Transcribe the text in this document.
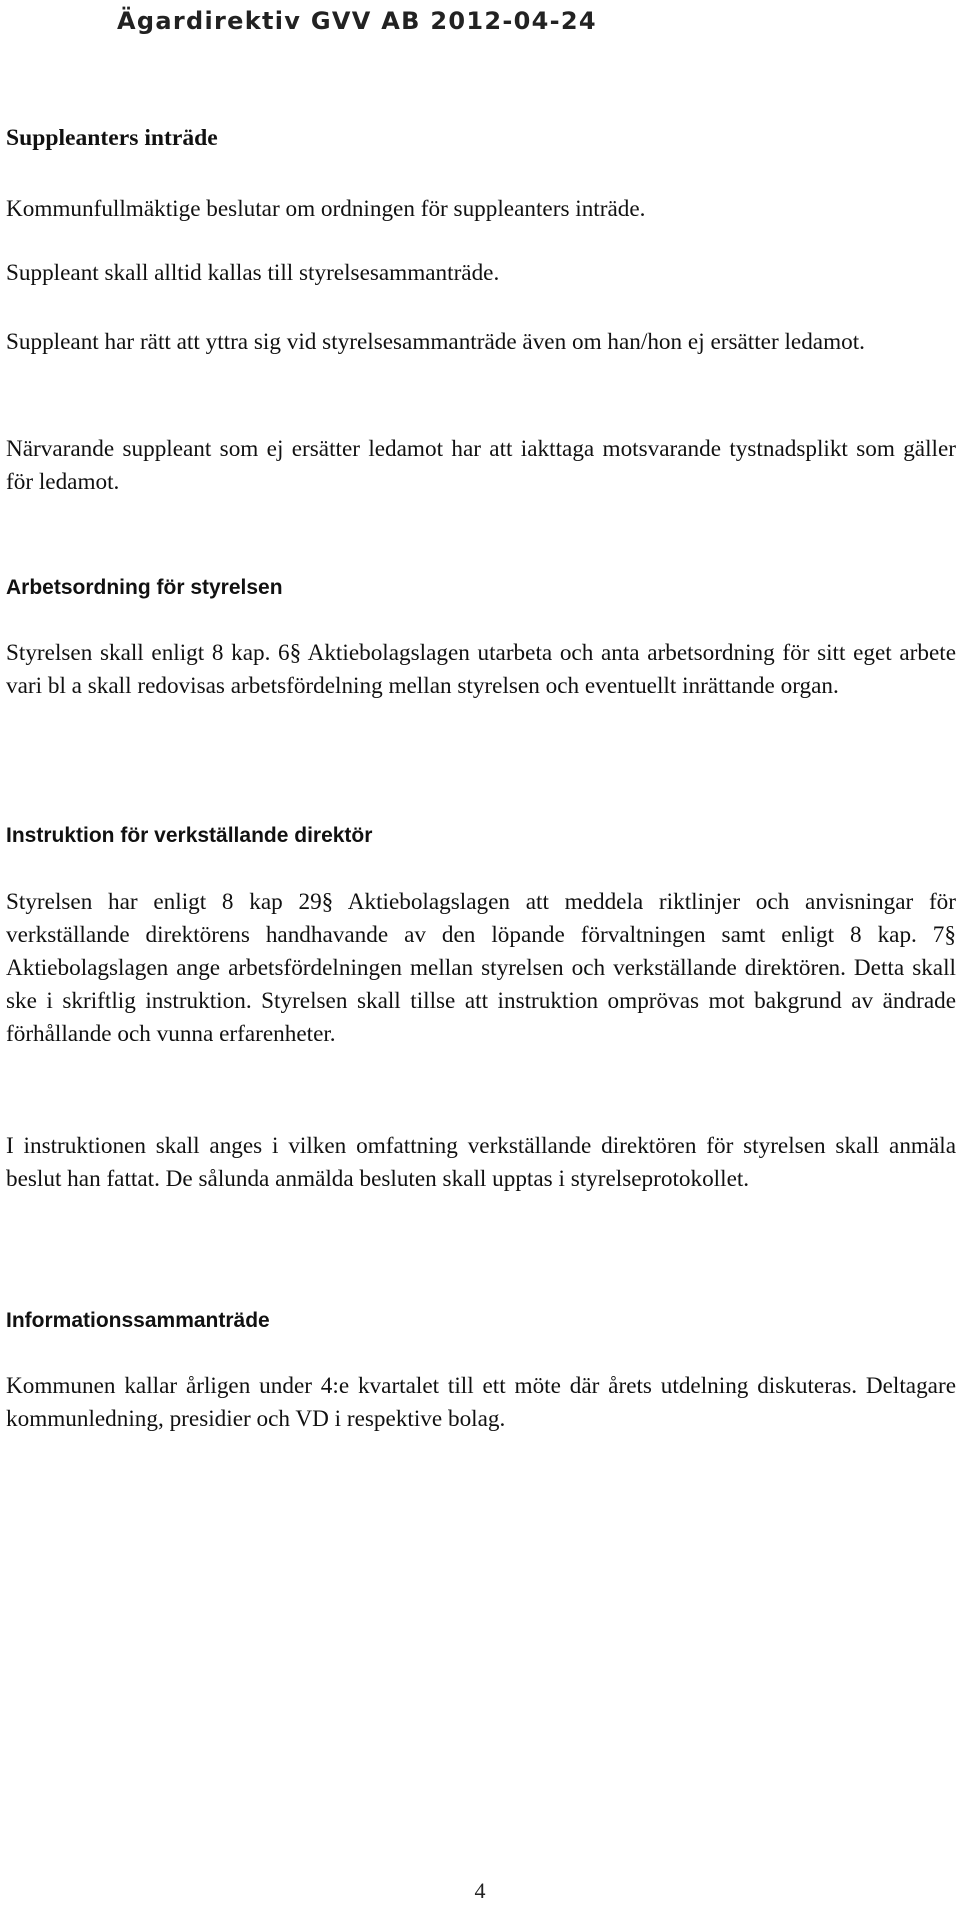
Ägardirektiv GVV AB 2012-04-24

Suppleanters inträde

Kommunfullmäktige beslutar om ordningen för suppleanters inträde.

Suppleant skall alltid kallas till styrelsesammanträde.

Suppleant har rätt att yttra sig vid styrelsesammanträde även om han/hon ej ersätter ledamot.

Närvarande suppleant som ej ersätter ledamot har att iakttaga motsvarande tystnadsplikt som gäller för ledamot.

Arbetsordning för styrelsen

Styrelsen skall enligt 8 kap. 6§ Aktiebolagslagen utarbeta och anta arbetsordning för sitt eget arbete vari bl a skall redovisas arbetsfördelning mellan styrelsen och eventuellt inrättande organ.

Instruktion för verkställande direktör

Styrelsen har enligt 8 kap 29§ Aktiebolagslagen att meddela riktlinjer och anvisningar för verkställande direktörens handhavande av den löpande förvaltningen samt enligt 8 kap. 7§ Aktiebolagslagen ange arbetsfördelningen mellan styrelsen och verkställande direktören. Detta skall ske i skriftlig instruktion. Styrelsen skall tillse att instruktion omprövas mot bakgrund av ändrade förhållande och vunna erfarenheter.

I instruktionen skall anges i vilken omfattning verkställande direktören för styrelsen skall anmäla beslut han fattat. De sålunda anmälda besluten skall upptas i styrelseprotokollet.

Informationssammanträde

Kommunen kallar årligen under 4:e kvartalet till ett möte där årets utdelning diskuteras. Deltagare kommunledning, presidier och VD i respektive bolag.

4
